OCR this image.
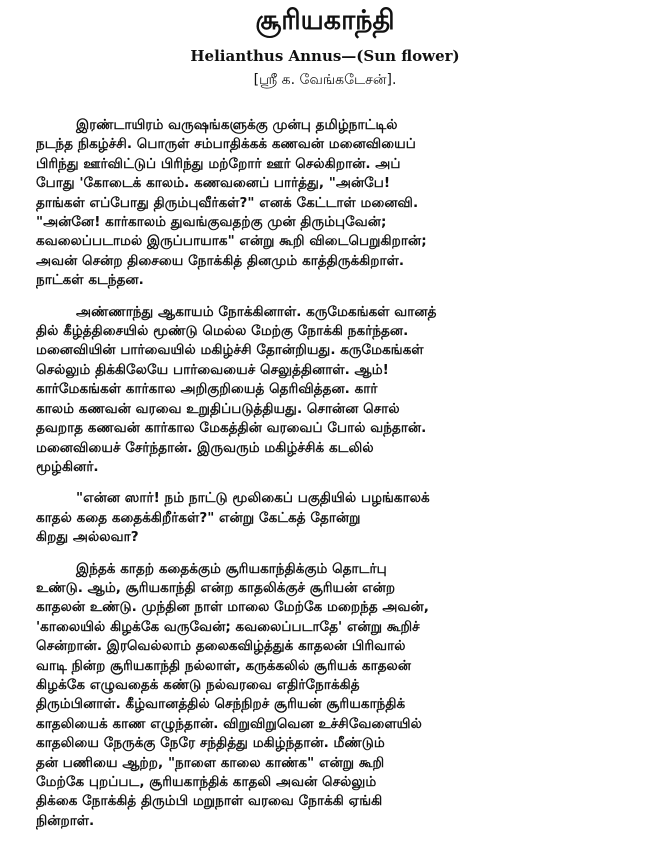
சூரியகாந்தி
Helianthus Annus—(Sun flower)
[ஸ்ரீ க. வேங்கடேசன்].

இரண்டாயிரம் வருஷங்களுக்கு முன்பு தமிழ்நாட்டில்
நடந்த நிகழ்ச்சி. பொருள் சம்பாதிக்கக் கணவன் மனைவியைப்
பிரிந்து ஊர்விட்டுப் பிரிந்து மற்றோர் ஊர் செல்கிறான். அப்
போது 'கோடைக் காலம். கணவனைப் பார்த்து, "அன்பே!
தாங்கள் எப்போது திரும்புவீர்கள்?" எனக் கேட்டாள் மனைவி.
"அன்னே! கார்காலம் துவங்குவதற்கு முன் திரும்புவேன்;
கவலைப்படாமல் இருப்பாயாக" என்று கூறி விடைபெறுகிறான்;
அவன் சென்ற திசையை நோக்கித் தினமும் காத்திருக்கிறாள்.
நாட்கள் கடந்தன.

அண்ணாந்து ஆகாயம் நோக்கினாள். கருமேகங்கள் வானத்
தில் கீழ்த்திசையில் மூண்டு மெல்ல மேற்கு நோக்கி நகர்ந்தன.
மனைவியின் பார்வையில் மகிழ்ச்சி தோன்றியது. கருமேகங்கள்
செல்லும் திக்கிலேயே பார்வையைச் செலுத்தினாள். ஆம்!
கார்மேகங்கள் கார்கால அறிகுறியைத் தெரிவித்தன. கார்
காலம் கணவன் வரவை உறுதிப்படுத்தியது. சொன்ன சொல்
தவறாத கணவன் கார்கால மேகத்தின் வரவைப் போல் வந்தான்.
மனைவியைச் சேர்ந்தான். இருவரும் மகிழ்ச்சிக் கடலில்
மூழ்கினர்.

"என்ன ஸார்! நம் நாட்டு மூலிகைப் பகுதியில் பழங்காலக்
காதல் கதை கதைக்கிறீர்கள்?" என்று கேட்கத் தோன்று
கிறது அல்லவா?

இந்தக் காதற் கதைக்கும் சூரியகாந்திக்கும் தொடர்பு
உண்டு. ஆம், சூரியகாந்தி என்ற காதலிக்குச் சூரியன் என்ற
காதலன் உண்டு. முந்தின நாள் மாலை மேற்கே மறைந்த அவன்,
'காலையில் கிழக்கே வருவேன்; கவலைப்படாதே' என்று கூறிச்
சென்றான். இரவெல்லாம் தலைகவிழ்த்துக் காதலன் பிரிவால்
வாடி நின்ற சூரியகாந்தி நல்லாள், கருக்கலில் சூரியக் காதலன்
கிழக்கே எழுவதைக் கண்டு நல்வரவை எதிர்நோக்கித்
திரும்பினாள். கீழ்வானத்தில் செந்நிறச் சூரியன் சூரியகாந்திக்
காதலியைக் காண எழுந்தான். விறுவிறுவென உச்சிவேளையில்
காதலியை நேருக்கு நேரே சந்தித்து மகிழ்ந்தான். மீண்டும்
தன் பணியை ஆற்ற, "நாளை காலை காண்க" என்று கூறி
மேற்கே புறப்பட, சூரியகாந்திக் காதலி அவன் செல்லும்
திக்கை நோக்கித் திரும்பி மறுநாள் வரவை நோக்கி ஏங்கி
நின்றாள்.
